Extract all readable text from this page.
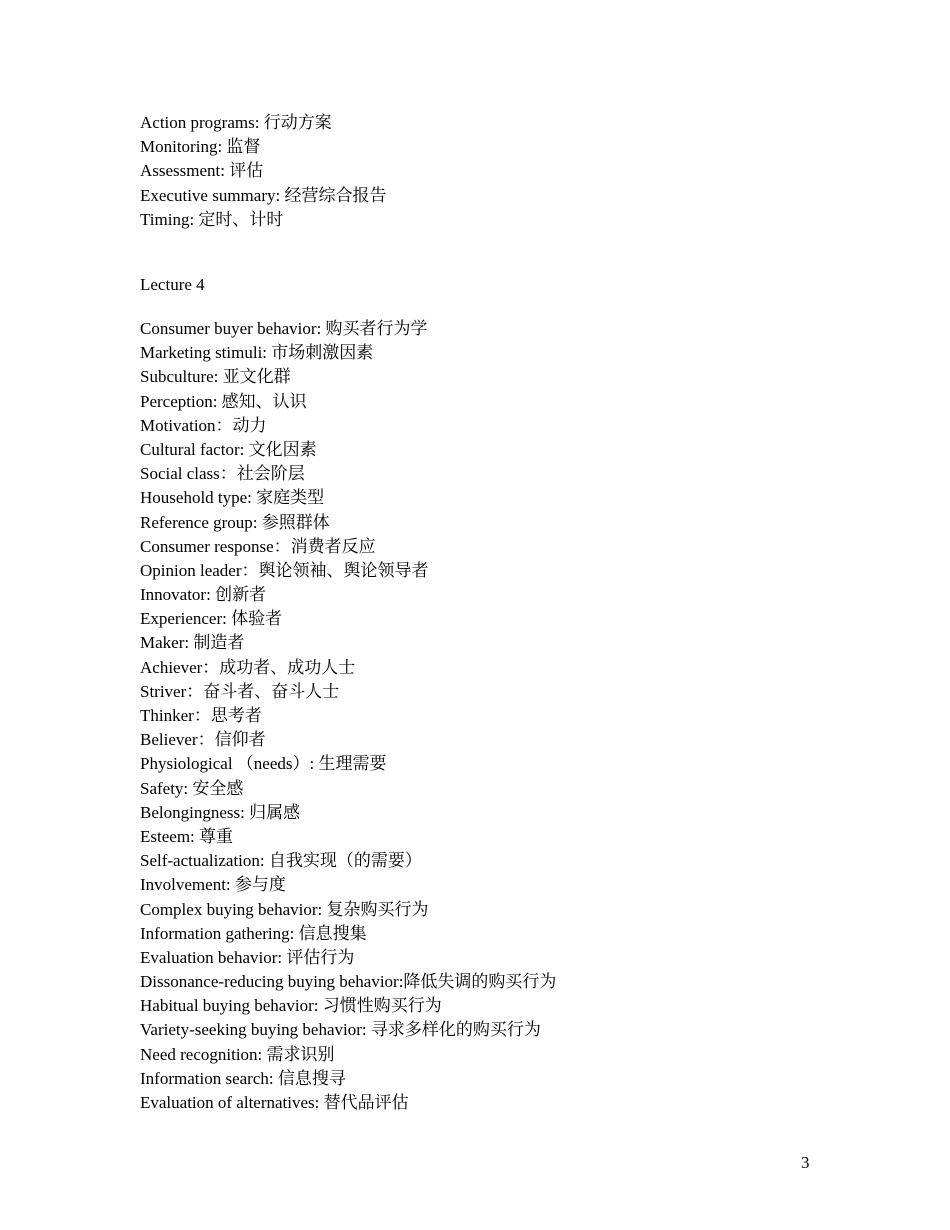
Action programs: 行动方案
Monitoring: 监督
Assessment: 评估
Executive summary: 经营综合报告
Timing: 定时、计时
Lecture 4
Consumer buyer behavior: 购买者行为学
Marketing stimuli: 市场刺激因素
Subculture: 亚文化群
Perception: 感知、认识
Motivation：动力
Cultural factor: 文化因素
Social class：社会阶层
Household type: 家庭类型
Reference group: 参照群体
Consumer response：消费者反应
Opinion leader：舆论领袖、舆论领导者
Innovator: 创新者
Experiencer: 体验者
Maker: 制造者
Achiever：成功者、成功人士
Striver：奋斗者、奋斗人士
Thinker：思考者
Believer：信仰者
Physiological （needs）: 生理需要
Safety: 安全感
Belongingness: 归属感
Esteem: 尊重
Self-actualization: 自我实现（的需要）
Involvement: 参与度
Complex buying behavior: 复杂购买行为
Information gathering: 信息搜集
Evaluation behavior: 评估行为
Dissonance-reducing buying behavior:降低失调的购买行为
Habitual buying behavior: 习惯性购买行为
Variety-seeking buying behavior: 寻求多样化的购买行为
Need recognition: 需求识别
Information search: 信息搜寻
Evaluation of alternatives: 替代品评估
3
